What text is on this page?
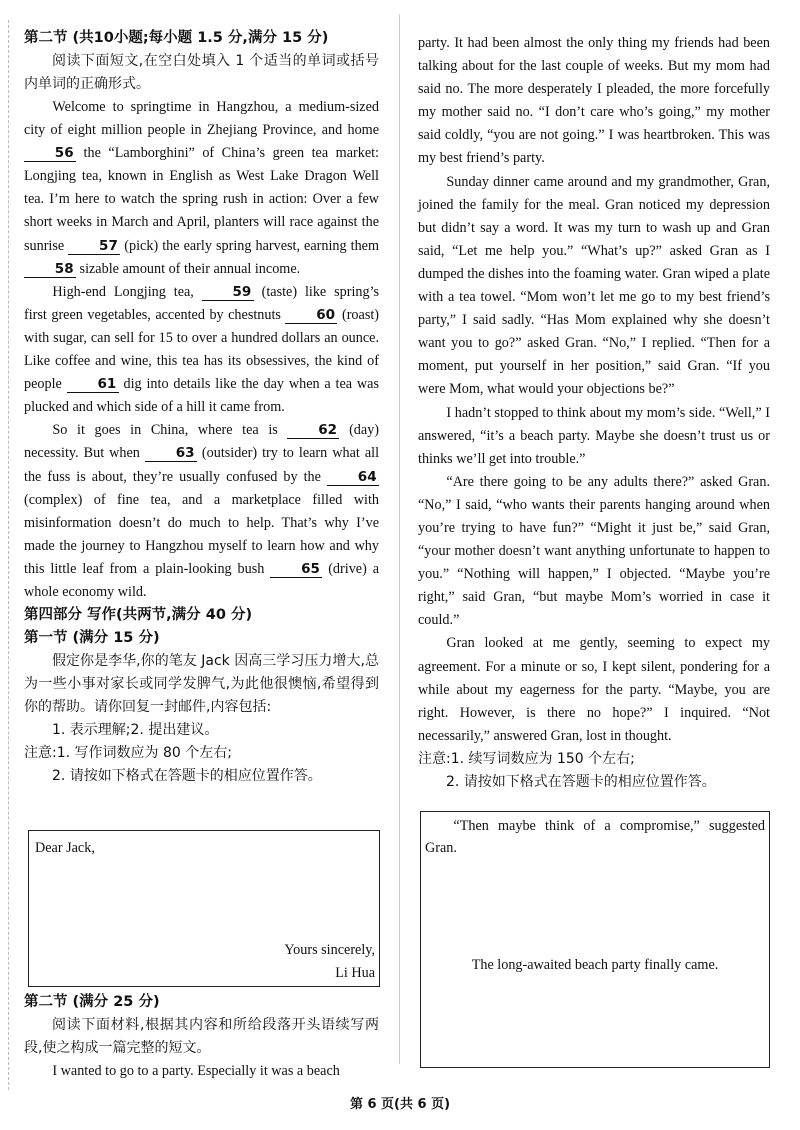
第二节 (共10小题;每小题 1.5 分,满分 15 分)

阅读下面短文,在空白处填入 1 个适当的单词或括号内单词的正确形式。

Welcome to springtime in Hangzhou, a medium-sized city of eight million people in Zhejiang Province, and home 56 the “Lamborghini” of China’s green tea market: Longjing tea, known in English as West Lake Dragon Well tea. I’m here to watch the spring rush in action: Over a few short weeks in March and April, planters will race against the sunrise	57 (pick) the early spring harvest, earning them 58 sizable amount of their annual income.

High-end Longjing tea,	59 (taste) like spring’s first green vegetables, accented by chestnuts	60 (roast) with sugar, can sell for 15 to over a hundred dollars an ounce. Like coffee and wine, this tea has its obsessives, the kind of people	61 dig into details like the day when a tea was plucked and which side of a hill it came from.

So it goes in China, where tea is	62 (day) necessity. But when	63 (outsider) try to learn what all the fuss is about, they’re usually confused by the	64 (complex) of fine tea, and a marketplace filled with misinformation doesn’t do much to help. That’s why I’ve made the journey to Hangzhou myself to learn how and why this little leaf from a plain-looking bush	65 (drive) a whole economy wild.

第四部分 写作(共两节,满分 40 分)
第一节 (满分 15 分)

假定你是李华,你的笔友 Jack 因高三学习压力增大,总为一些小事对家长或同学发脾气,为此他很懊恼,希望得到你的帮助。请你回复一封邮件,内容包括:

1. 表示理解;2. 提出建议。

注意:1. 写作词数应为 80 个左右;
2. 请按如下格式在答题卡的相应位置作答。
Dear Jack,
Yours sincerely,
Li Hua
第二节 (满分 25 分)

阅读下面材料,根据其内容和所给段落开头语续写两段,使之构成一篇完整的短文。

I wanted to go to a party. Especially it was a beach

party. It had been almost the only thing my friends had been talking about for the last couple of weeks. But my mom had said no. The more desperately I pleaded, the more forcefully my mother said no. “I don’t care who’s going,” my mother said coldly, “you are not going.” I was heartbroken. This was my best friend’s party.

Sunday dinner came around and my grandmother, Gran, joined the family for the meal. Gran noticed my depression but didn’t say a word. It was my turn to wash up and Gran said, “Let me help you.” “What’s up?” asked Gran as I dumped the dishes into the foaming water. Gran wiped a plate with a tea towel. “Mom won’t let me go to my best friend’s party,” I said sadly. “Has Mom explained why she doesn’t want you to go?” asked Gran. “No,” I replied. “Then for a moment, put yourself in her position,” said Gran. “If you were Mom, what would your objections be?”

I hadn’t stopped to think about my mom’s side. “Well,” I answered, “it’s a beach party. Maybe she doesn’t trust us or thinks we’ll get into trouble.”

“Are there going to be any adults there?” asked Gran. “No,” I said, “who wants their parents hanging around when you’re trying to have fun?” “Might it just be,” said Gran, “your mother doesn’t want anything unfortunate to happen to you.” “Nothing will happen,” I objected. “Maybe you’re right,” said Gran, “but maybe Mom’s worried in case it could.”

Gran looked at me gently, seeming to expect my agreement. For a minute or so, I kept silent, pondering for a while about my eagerness for the party. “Maybe, you are right. However, is there no hope?” I inquired. “Not necessarily,” answered Gran, lost in thought.

注意:1. 续写词数应为 150 个左右;
2. 请按如下格式在答题卡的相应位置作答。
“Then maybe think of a compromise,” suggested Gran.
The long-awaited beach party finally came.
第 6 页(共 6 页)
